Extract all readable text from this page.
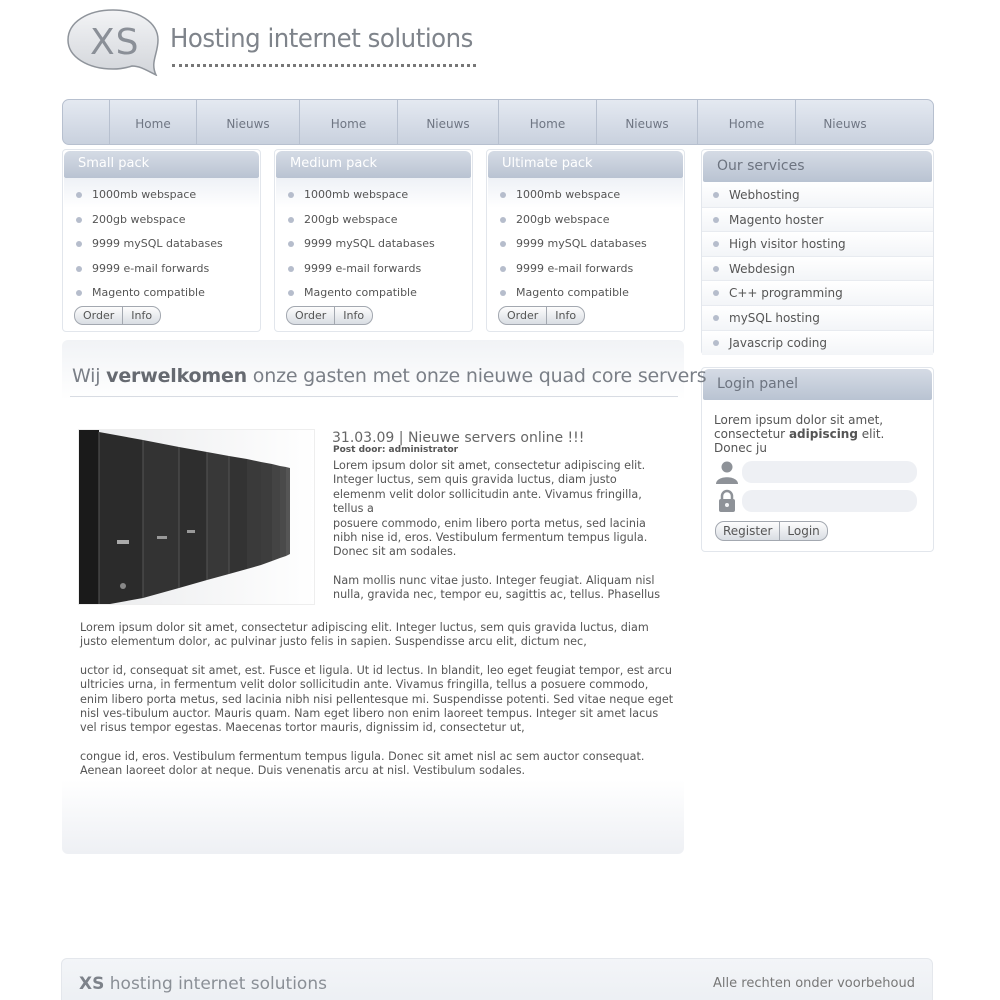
XS Hosting internet solutions
Home	Nieuws	Home	Nieuws	Home	Nieuws	Home	Nieuws
Small pack
1000mb webspace
200gb webspace
9999 mySQL databases
9999 e-mail forwards
Magento compatible
Order	Info
Medium pack
1000mb webspace
200gb webspace
9999 mySQL databases
9999 e-mail forwards
Magento compatible
Order	Info
Ultimate pack
1000mb webspace
200gb webspace
9999 mySQL databases
9999 e-mail forwards
Magento compatible
Order	Info
Our services
Webhosting
Magento hoster
High visitor hosting
Webdesign
C++ programming
mySQL hosting
Javascrip coding
Login panel
Lorem ipsum dolor sit amet, consectetur adipiscing elit. Donec ju
Register	Login
Wij verwelkomen onze gasten met onze nieuwe quad core servers
31.03.09 | Nieuwe servers online !!!
Post door: administrator

Lorem ipsum dolor sit amet, consectetur adipiscing elit. Integer luctus, sem quis gravida luctus, diam justo elemenm velit dolor sollicitudin ante. Vivamus fringilla, tellus a
posuere commodo, enim libero porta metus, sed lacinia nibh nise id, eros. Vestibulum fermentum tempus ligula. Donec sit am sodales.

Nam mollis nunc vitae justo. Integer feugiat. Aliquam nisl nulla, gravida nec, tempor eu, sagittis ac, tellus. Phasellus

Lorem ipsum dolor sit amet, consectetur adipiscing elit. Integer luctus, sem quis gravida luctus, diam justo elementum dolor, ac pulvinar justo felis in sapien. Suspendisse arcu elit, dictum nec,

uctor id, consequat sit amet, est. Fusce et ligula. Ut id lectus. In blandit, leo eget feugiat tempor, est arcu ultricies urna, in fermentum velit dolor sollicitudin ante. Vivamus fringilla, tellus a posuere commodo, enim libero porta metus, sed lacinia nibh nisi pellentesque mi. Suspendisse potenti. Sed vitae neque eget nisl ves-tibulum auctor. Mauris quam. Nam eget libero non enim laoreet tempus. Integer sit amet lacus vel risus tempor egestas. Maecenas tortor mauris, dignissim id, consectetur ut,

congue id, eros. Vestibulum fermentum tempus ligula. Donec sit amet nisl ac sem auctor consequat. Aenean laoreet dolor at neque. Duis venenatis arcu at nisl. Vestibulum sodales.

XS hosting internet solutions	Alle rechten onder voorbehoud
